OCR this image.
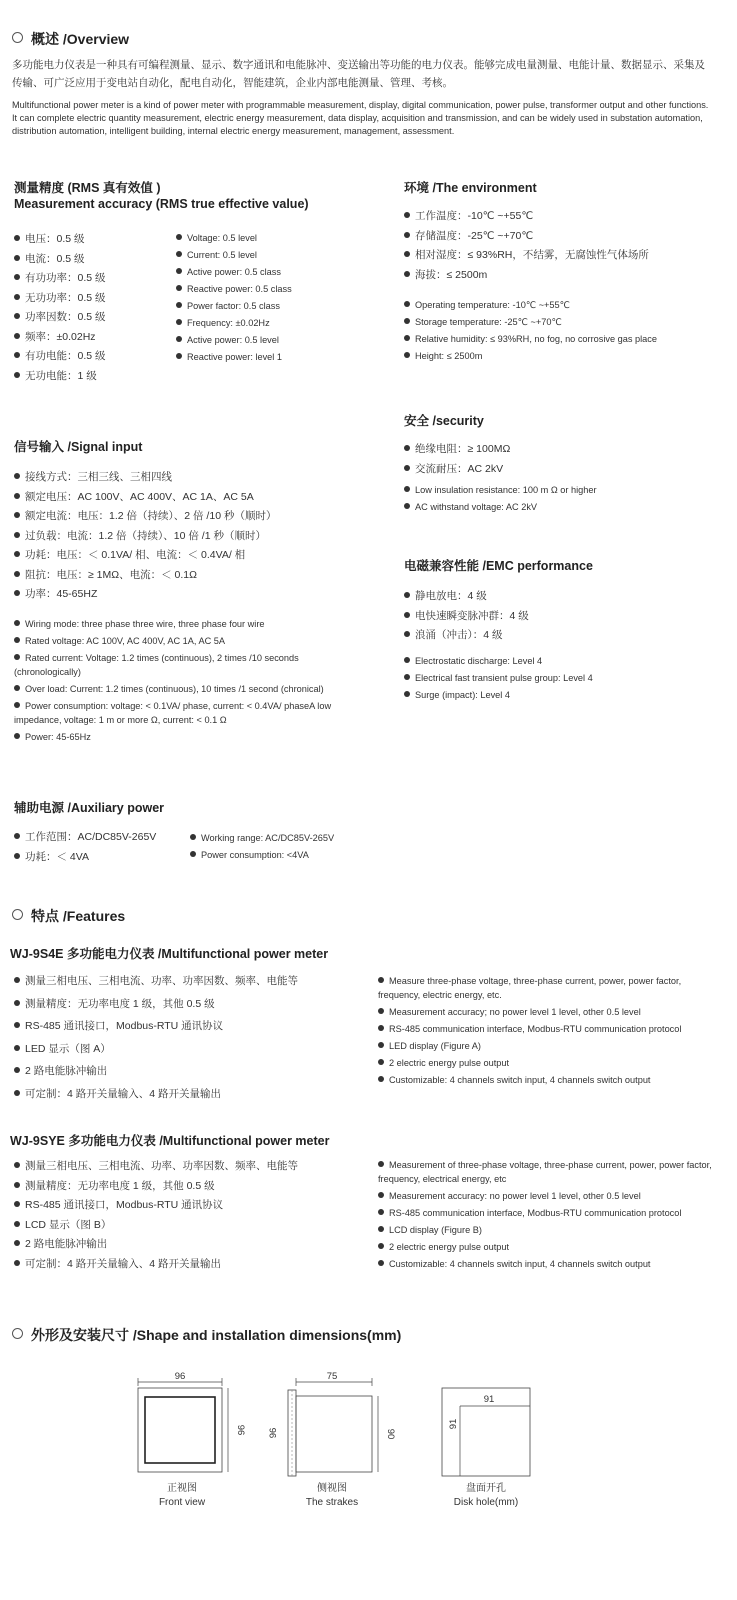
概述 /Overview
多功能电力仪表是一种具有可编程测量、显示、数字通讯和电能脉冲、变送输出等功能的电力仪表。能够完成电量测量、电能计量、数据显示、采集及传输、可广泛应用于变电站自动化，配电自动化，智能建筑，企业内部电能测量、管理、考核。
Multifunctional power meter is a kind of power meter with programmable measurement, display, digital communication, power pulse, transformer output and other functions. It can complete electric quantity measurement, electric energy measurement, data display, acquisition and transmission, and can be widely used in substation automation, distribution automation, intelligent building, internal electric energy measurement, management, assessment.
测量精度 (RMS 真有效值 )
Measurement accuracy (RMS true effective value)
电压：0.5 级
电流：0.5 级
有功功率：0.5 级
无功功率：0.5 级
功率因数：0.5 级
频率：±0.02Hz
有功电能：0.5 级
无功电能：1 级
Voltage: 0.5 level
Current: 0.5 level
Active power: 0.5 class
Reactive power: 0.5 class
Power factor: 0.5 class
Frequency: ±0.02Hz
Active power: 0.5 level
Reactive power: level 1
环境 /The environment
工作温度：-10℃ ~+55℃
存储温度：-25℃ ~+70℃
相对湿度：≤ 93%RH，不结雾，无腐蚀性气体场所
海拔：≤ 2500m
Operating temperature: -10℃ ~+55℃
Storage temperature: -25℃ ~+70℃
Relative humidity: ≤ 93%RH, no fog, no corrosive gas place
Height: ≤ 2500m
安全 /security
绝缘电阻：≥ 100MΩ
交流耐压：AC 2kV
Low insulation resistance: 100 m Ω or higher
AC withstand voltage: AC 2kV
信号输入 /Signal input
接线方式：三相三线、三相四线
额定电压：AC 100V、AC 400V、AC 1A、AC 5A
额定电流：电压：1.2 倍（持续）、2 倍 /10 秒（顺时）
过负载：电流：1.2 倍（持续）、10 倍 /1 秒（顺时）
功耗：电压：＜ 0.1VA/ 相、电流：＜ 0.4VA/ 相
阻抗：电压：≥ 1MΩ、电流：＜ 0.1Ω
功率：45-65HZ
Wiring mode: three phase three wire, three phase four wire
Rated voltage: AC 100V, AC 400V, AC 1A, AC 5A
Rated current: Voltage: 1.2 times (continuous), 2 times /10 seconds (chronologically)
Over load: Current: 1.2 times (continuous), 10 times /1 second (chronical)
Power consumption: voltage: < 0.1VA/ phase, current: < 0.4VA/ phaseA low impedance, voltage: 1 m or more Ω, current: < 0.1 Ω
Power: 45-65Hz
电磁兼容性能 /EMC performance
静电放电：4 级
电快速瞬变脉冲群：4 级
浪涌（冲击）：4 级
Electrostatic discharge: Level 4
Electrical fast transient pulse group: Level 4
Surge (impact): Level 4
辅助电源 /Auxiliary power
工作范围：AC/DC85V-265V
功耗：＜ 4VA
Working range: AC/DC85V-265V
Power consumption: <4VA
特点 /Features
WJ-9S4E 多功能电力仪表 /Multifunctional power meter
测量三相电压、三相电流、功率、功率因数、频率、电能等
测量精度：无功率电度 1 级，其他 0.5 级
RS-485 通讯接口，Modbus-RTU 通讯协议
LED 显示（图 A）
2 路电能脉冲输出
可定制：4 路开关量输入、4 路开关量输出
Measure three-phase voltage, three-phase current, power, power factor, frequency, electric energy, etc.
Measurement accuracy; no power level 1 level, other 0.5 level
RS-485 communication interface, Modbus-RTU communication protocol
LED display (Figure A)
2 electric energy pulse output
Customizable: 4 channels switch input, 4 channels switch output
WJ-9SYE 多功能电力仪表 /Multifunctional power meter
测量三相电压、三相电流、功率、功率因数、频率、电能等
测量精度：无功率电度 1 级，其他 0.5 级
RS-485 通讯接口，Modbus-RTU 通讯协议
LCD 显示（图 B）
2 路电能脉冲输出
可定制：4 路开关量输入、4 路开关量输出
Measurement of three-phase voltage, three-phase current, power, power factor, frequency, electrical energy, etc
Measurement accuracy: no power level 1 level, other 0.5 level
RS-485 communication interface, Modbus-RTU communication protocol
LCD display (Figure B)
2 electric energy pulse output
Customizable: 4 channels switch input, 4 channels switch output
外形及安装尺寸 /Shape and installation dimensions(mm)
96
96
正视图
Front view
75
90
96
侧视图
The strakes
91
91
盘面开孔
Disk hole(mm)
